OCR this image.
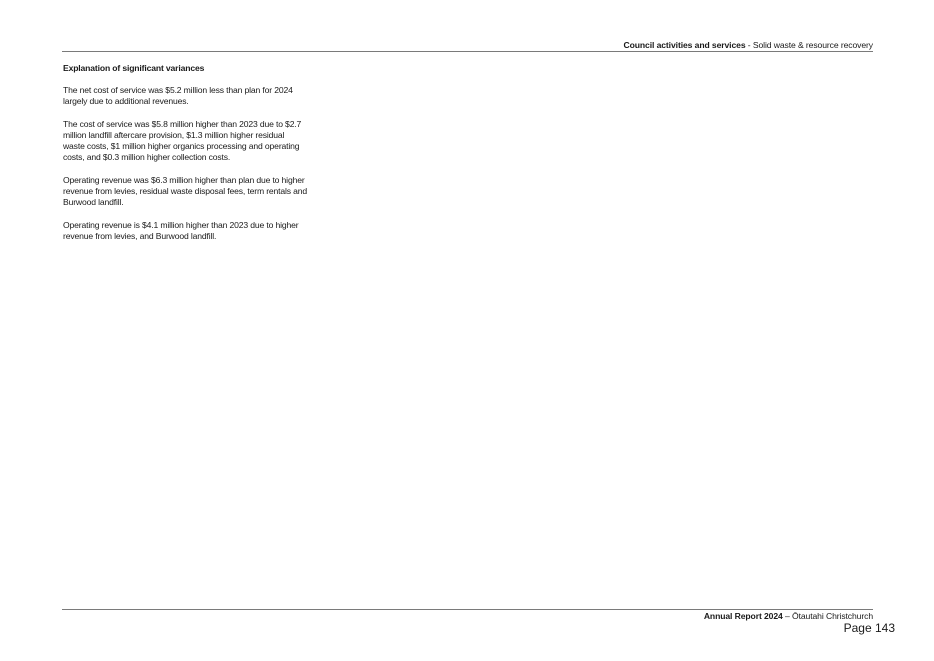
Council activities and services - Solid waste & resource recovery
Explanation of significant variances

The net cost of service was $5.2 million less than plan for 2024 largely due to additional revenues.

The cost of service was $5.8 million higher than 2023 due to $2.7 million landfill aftercare provision, $1.3 million higher residual waste costs, $1 million higher organics processing and operating costs, and $0.3 million higher collection costs.

Operating revenue was $6.3 million higher than plan due to higher revenue from levies, residual waste disposal fees, term rentals and Burwood landfill.

Operating revenue is $4.1 million higher than 2023 due to higher revenue from levies, and Burwood landfill.

Annual Report 2024 – Ōtautahi Christchurch
Page 143
